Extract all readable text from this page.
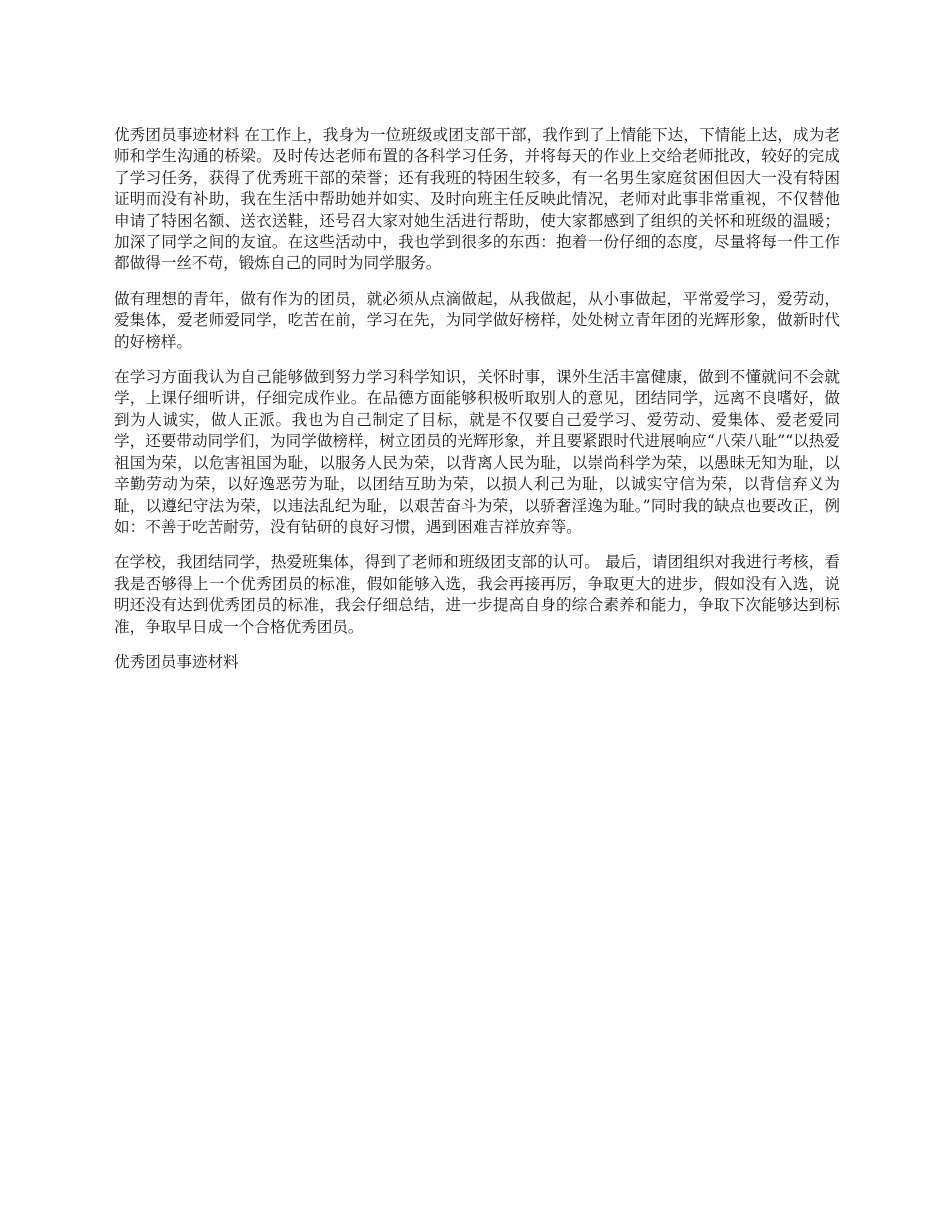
优秀团员事迹材料 在工作上，我身为一位班级或团支部干部，我作到了上情能下达，下情能上达，成为老师和学生沟通的桥梁。及时传达老师布置的各科学习任务，并将每天的作业上交给老师批改，较好的完成了学习任务，获得了优秀班干部的荣誉；还有我班的特困生较多，有一名男生家庭贫困但因大一没有特困证明而没有补助，我在生活中帮助她并如实、及时向班主任反映此情况，老师对此事非常重视，不仅替他申请了特困名额、送衣送鞋，还号召大家对她生活进行帮助，使大家都感到了组织的关怀和班级的温暖；加深了同学之间的友谊。在这些活动中，我也学到很多的东西：抱着一份仔细的态度，尽量将每一件工作都做得一丝不苟，锻炼自己的同时为同学服务。

做有理想的青年，做有作为的团员，就必须从点滴做起，从我做起，从小事做起，平常爱学习，爱劳动，爱集体，爱老师爱同学，吃苦在前，学习在先，为同学做好榜样，处处树立青年团的光辉形象，做新时代的好榜样。

在学习方面我认为自己能够做到努力学习科学知识，关怀时事，课外生活丰富健康，做到不懂就问不会就学，上课仔细听讲，仔细完成作业。在品德方面能够积极听取别人的意见，团结同学，远离不良嗜好，做到为人诚实，做人正派。我也为自己制定了目标，就是不仅要自己爱学习、爱劳动、爱集体、爱老爱同学，还要带动同学们，为同学做榜样，树立团员的光辉形象，并且要紧跟时代进展响应“八荣八耻”“以热爱祖国为荣，以危害祖国为耻，以服务人民为荣，以背离人民为耻，以崇尚科学为荣，以愚昧无知为耻，以辛勤劳动为荣，以好逸恶劳为耻，以团结互助为荣，以损人利己为耻，以诚实守信为荣，以背信弃义为耻，以遵纪守法为荣，以违法乱纪为耻，以艰苦奋斗为荣，以骄奢淫逸为耻。”同时我的缺点也要改正，例如：不善于吃苦耐劳，没有钻研的良好习惯，遇到困难吉祥放弃等。

在学校，我团结同学，热爱班集体，得到了老师和班级团支部的认可。 最后，请团组织对我进行考核，看我是否够得上一个优秀团员的标准，假如能够入选，我会再接再厉，争取更大的进步，假如没有入选，说明还没有达到优秀团员的标准，我会仔细总结，进一步提高自身的综合素养和能力，争取下次能够达到标准，争取早日成一个合格优秀团员。

优秀团员事迹材料
